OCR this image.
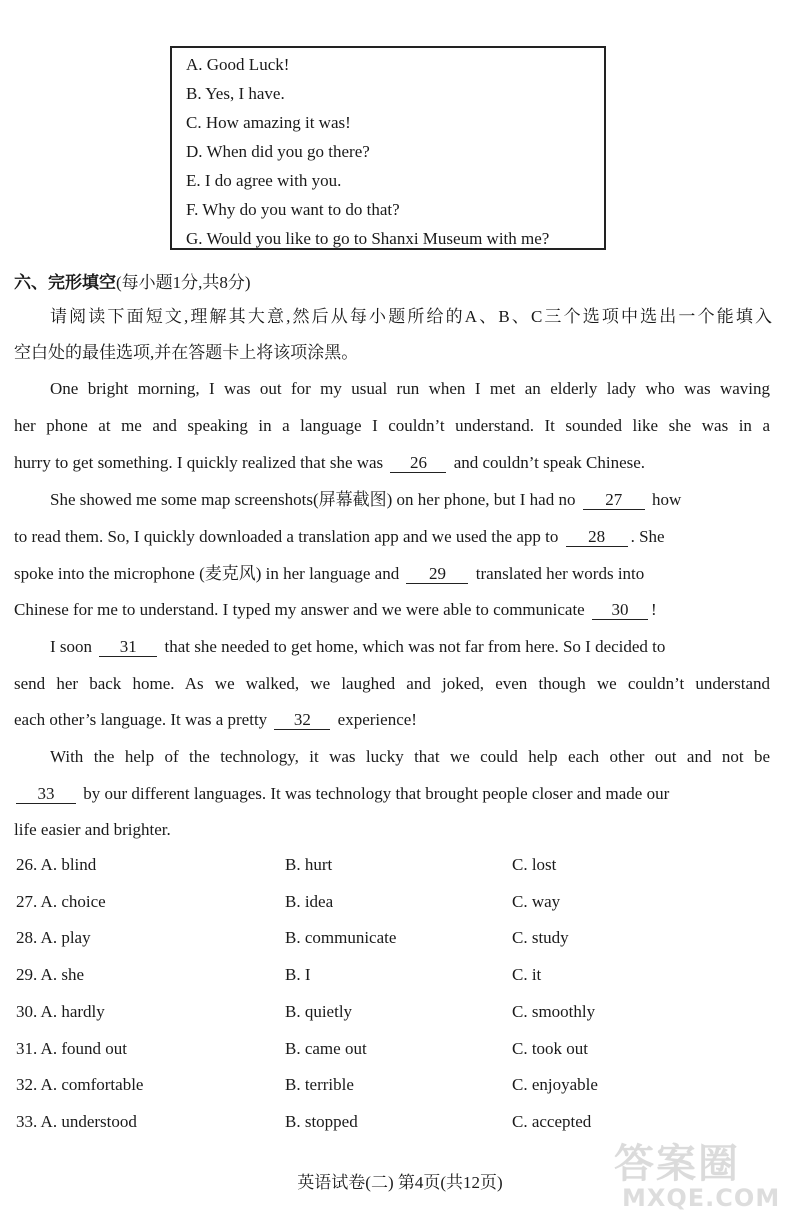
A. Good Luck!
B. Yes, I have.
C. How amazing it was!
D. When did you go there?
E. I do agree with you.
F. Why do you want to do that?
G. Would you like to go to Shanxi Museum with me?
六、完形填空(每小题1分,共8分)
请阅读下面短文,理解其大意,然后从每小题所给的A、B、C三个选项中选出一个能填入
空白处的最佳选项,并在答题卡上将该项涂黑。
One bright morning, I was out for my usual run when I met an elderly lady who was waving
her phone at me and speaking in a language I couldn’t understand. It sounded like she was in a
hurry to get something. I quickly realized that she was 26 and couldn’t speak Chinese.
She showed me some map screenshots(屏幕截图) on her phone, but I had no 27 how
to read them. So, I quickly downloaded a translation app and we used the app to 28 . She
spoke into the microphone (麦克风) in her language and 29 translated her words into
Chinese for me to understand. I typed my answer and we were able to communicate 30 !
I soon 31 that she needed to get home, which was not far from here. So I decided to
send her back home. As we walked, we laughed and joked, even though we couldn’t understand
each other’s language. It was a pretty 32 experience!
With the help of the technology, it was lucky that we could help each other out and not be
33 by our different languages. It was technology that brought people closer and made our
life easier and brighter.
26. A. blind	B. hurt	C. lost
27. A. choice	B. idea	C. way
28. A. play	B. communicate	C. study
29. A. she	B. I	C. it
30. A. hardly	B. quietly	C. smoothly
31. A. found out	B. came out	C. took out
32. A. comfortable	B. terrible	C. enjoyable
33. A. understood	B. stopped	C. accepted
英语试卷(二) 第4页(共12页)	答案圈
MXQE.COM
